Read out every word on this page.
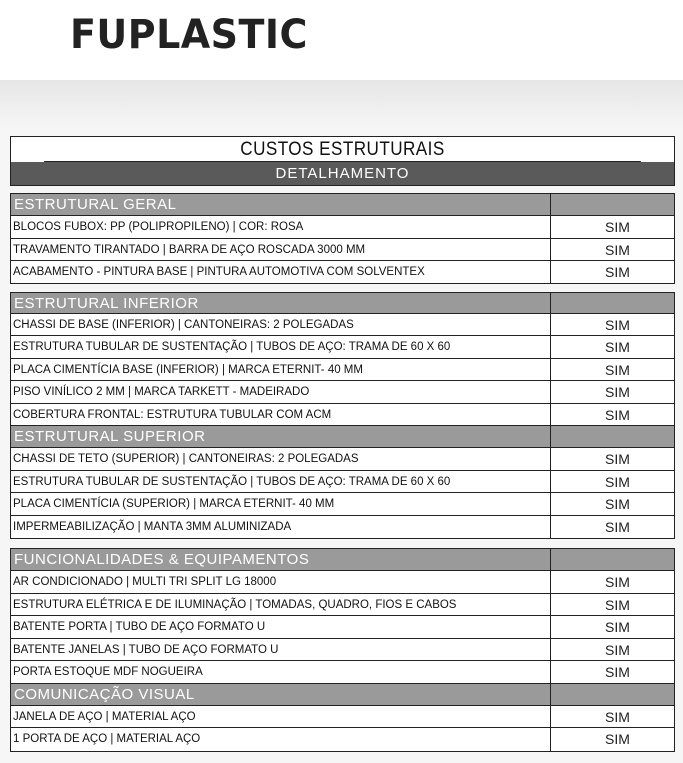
FUPLASTIC
CUSTOS ESTRUTURAIS
DETALHAMENTO
ESTRUTURAL GERAL
BLOCOS FUBOX: PP (POLIPROPILENO) | COR: ROSA	SIM
TRAVAMENTO TIRANTADO | BARRA DE AÇO ROSCADA 3000 MM	SIM
ACABAMENTO - PINTURA BASE | PINTURA AUTOMOTIVA COM SOLVENTEX	SIM
ESTRUTURAL INFERIOR
CHASSI DE BASE (INFERIOR) | CANTONEIRAS: 2 POLEGADAS	SIM
ESTRUTURA TUBULAR DE SUSTENTAÇÃO | TUBOS DE AÇO: TRAMA DE 60 X 60	SIM
PLACA CIMENTÍCIA BASE (INFERIOR) | MARCA ETERNIT- 40 MM	SIM
PISO VINÍLICO 2 MM | MARCA TARKETT - MADEIRADO	SIM
COBERTURA FRONTAL: ESTRUTURA TUBULAR COM ACM	SIM
ESTRUTURAL SUPERIOR
CHASSI DE TETO (SUPERIOR) | CANTONEIRAS: 2 POLEGADAS	SIM
ESTRUTURA TUBULAR DE SUSTENTAÇÃO | TUBOS DE AÇO: TRAMA DE 60 X 60	SIM
PLACA CIMENTÍCIA (SUPERIOR) | MARCA ETERNIT- 40 MM	SIM
IMPERMEABILIZAÇÃO | MANTA 3MM ALUMINIZADA	SIM
FUNCIONALIDADES & EQUIPAMENTOS
AR CONDICIONADO | MULTI TRI SPLIT LG 18000	SIM
ESTRUTURA ELÉTRICA E DE ILUMINAÇÃO | TOMADAS, QUADRO, FIOS E CABOS	SIM
BATENTE PORTA | TUBO DE AÇO FORMATO U	SIM
BATENTE JANELAS | TUBO DE AÇO FORMATO U	SIM
PORTA ESTOQUE MDF NOGUEIRA	SIM
COMUNICAÇÃO VISUAL
JANELA DE AÇO | MATERIAL AÇO	SIM
1 PORTA DE AÇO | MATERIAL AÇO	SIM
